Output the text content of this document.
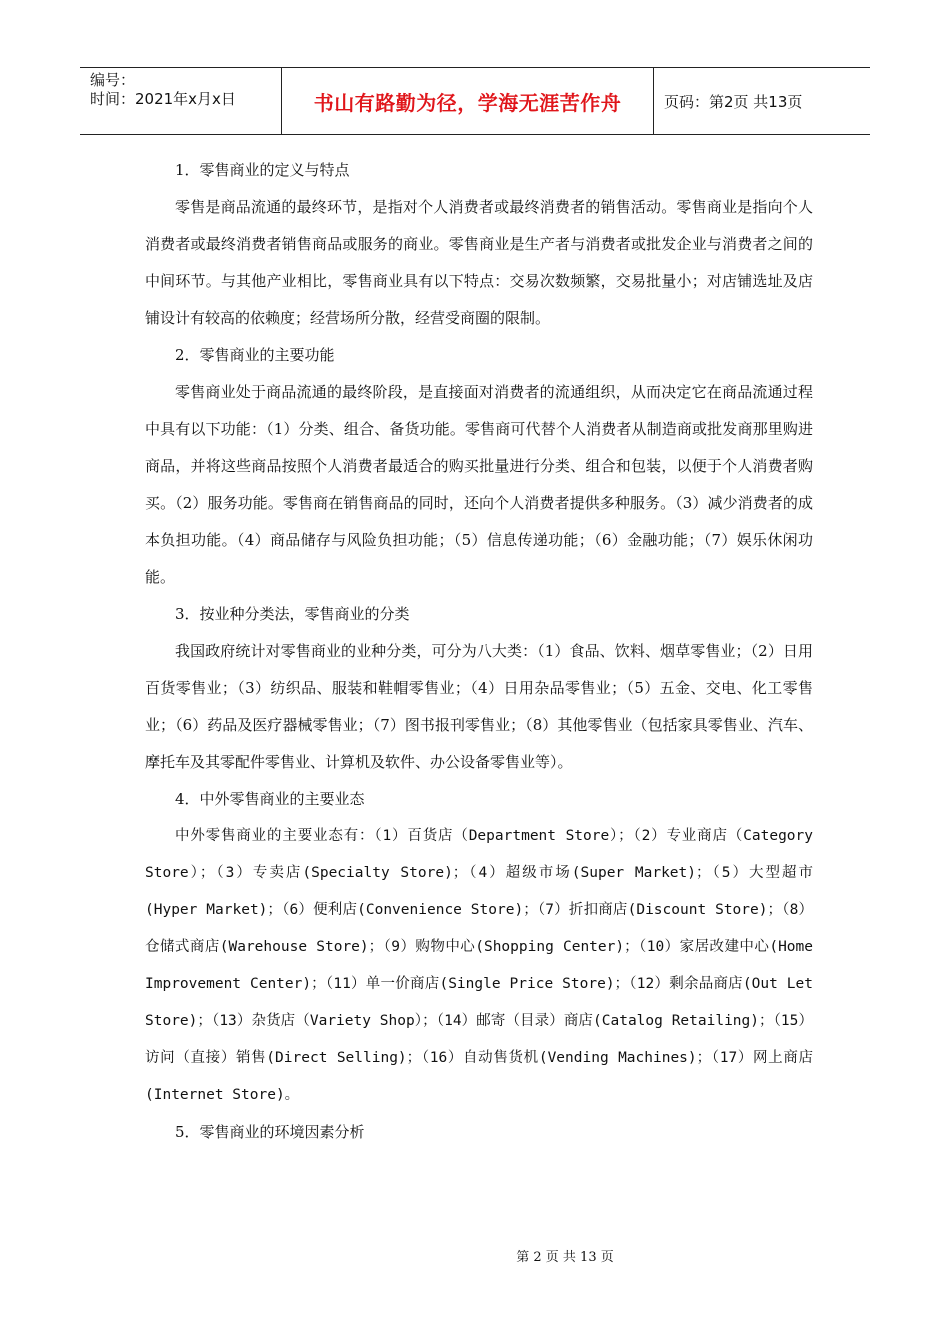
编号：
时间：2021年x月x日	书山有路勤为径，学海无涯苦作舟	页码：第2页 共13页
1．零售商业的定义与特点

零售是商品流通的最终环节，是指对个人消费者或最终消费者的销售活动。零售商业是指向个人消费者或最终消费者销售商品或服务的商业。零售商业是生产者与消费者或批发企业与消费者之间的中间环节。与其他产业相比，零售商业具有以下特点：交易次数频繁，交易批量小；对店铺选址及店铺设计有较高的依赖度；经营场所分散，经营受商圈的限制。

2．零售商业的主要功能

零售商业处于商品流通的最终阶段，是直接面对消费者的流通组织，从而决定它在商品流通过程中具有以下功能：（1）分类、组合、备货功能。零售商可代替个人消费者从制造商或批发商那里购进商品，并将这些商品按照个人消费者最适合的购买批量进行分类、组合和包装，以便于个人消费者购买。（2）服务功能。零售商在销售商品的同时，还向个人消费者提供多种服务。（3）减少消费者的成本负担功能。（4）商品储存与风险负担功能；（5）信息传递功能；（6）金融功能；（7）娱乐休闲功能。

3．按业种分类法，零售商业的分类

我国政府统计对零售商业的业种分类，可分为八大类：（1）食品、饮料、烟草零售业；（2）日用百货零售业；（3）纺织品、服装和鞋帽零售业；（4）日用杂品零售业；（5）五金、交电、化工零售业；（6）药品及医疗器械零售业；（7）图书报刊零售业；（8）其他零售业（包括家具零售业、汽车、摩托车及其零配件零售业、计算机及软件、办公设备零售业等）。

4．中外零售商业的主要业态

中外零售商业的主要业态有：（1）百货店（Department Store）；（2）专业商店（Category Store）；（3）专卖店(Specialty Store)；（4）超级市场(Super Market)；（5）大型超市(Hyper Market)；（6）便利店(Convenience Store)；（7）折扣商店(Discount Store)；（8）仓储式商店(Warehouse Store)；（9）购物中心(Shopping Center)；（10）家居改建中心(Home Improvement Center)；（11）单一价商店(Single Price Store)；（12）剩余品商店(Out Let Store)；（13）杂货店（Variety Shop）；（14）邮寄（目录）商店(Catalog Retailing)；（15）访问（直接）销售(Direct Selling)；（16）自动售货机(Vending Machines)；（17）网上商店(Internet Store)。

5．零售商业的环境因素分析
第 2 页 共 13 页
